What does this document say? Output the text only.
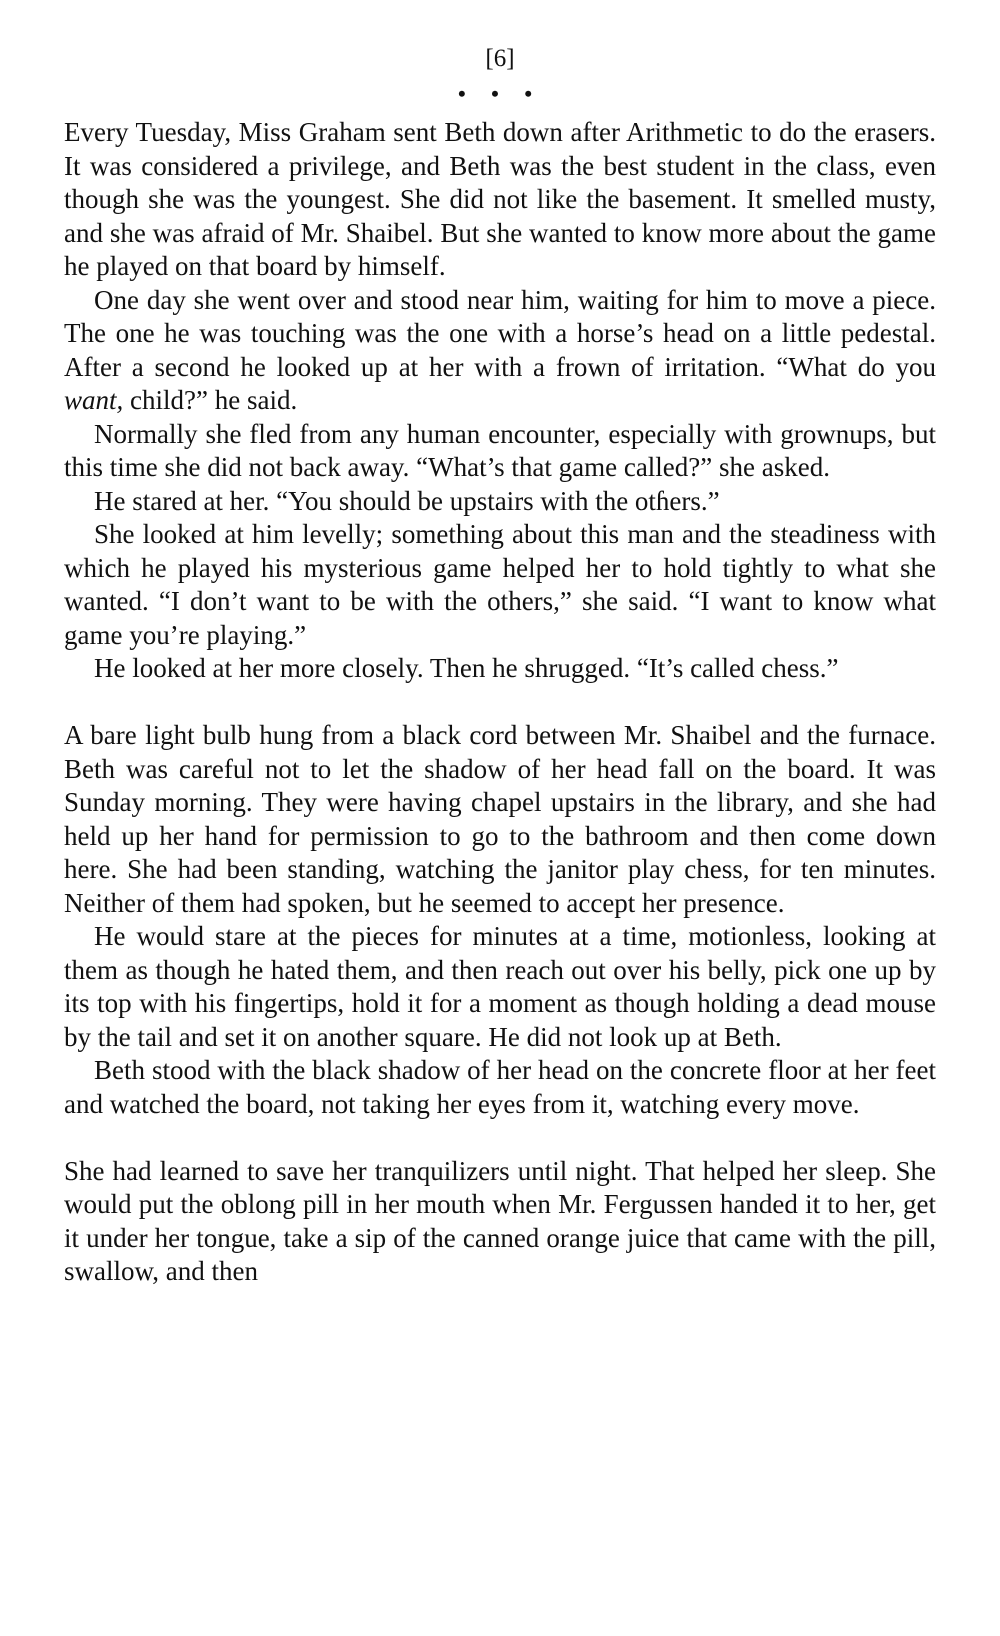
[6]
• • •

Every Tuesday, Miss Graham sent Beth down after Arithmetic to do the erasers. It was considered a privilege, and Beth was the best student in the class, even though she was the youngest. She did not like the basement. It smelled musty, and she was afraid of Mr. Shaibel. But she wanted to know more about the game he played on that board by himself.

One day she went over and stood near him, waiting for him to move a piece. The one he was touching was the one with a horse’s head on a little pedestal. After a second he looked up at her with a frown of irritation. “What do you want, child?” he said.

Normally she fled from any human encounter, especially with grownups, but this time she did not back away. “What’s that game called?” she asked.

He stared at her. “You should be upstairs with the otɦers.”

She looked at him levelly; something about this man and the steadiness with which he played his mysterious game helped her to hold tightly to what she wanted. “I don’t want to be with the others,” she said. “I want to know what game you’re playing.”

He looked at her more closely. Then he shrugged. “It’s called chess.”

A bare light bulb hung from a black cord between Mr. Shaibel and the furnace. Beth was careful not to let the shadow of her head fall on the board. It was Sunday morning. They were having chapel upstairs in the library, and she had held up her hand for permission to go to the bathroom and then come down here. She had been standing, watching the janitor play chess, for ten minutes. Neither of them had spoken, but he seemed to accept her presence.

He would stare at the pieces for minutes at a time, motionless, looking at them as though he hated them, and then reach out over his belly, pick one up by its top with his fingertips, hold it for a moment as though holding a dead mouse by the tail and set it on another square. He did not look up at Beth.

Beth stood with the black shadow of her head on the concrete floor at her feet and watched the board, not taking her eyes from it, watching every move.

She had learned to save her tranquilizers until night. That helped her sleep. She would put the oblong pill in her mouth when Mr. Fergussen handed it to her, get it under her tongue, take a sip of the canned orange juice that came with the pill, swallow, and then
